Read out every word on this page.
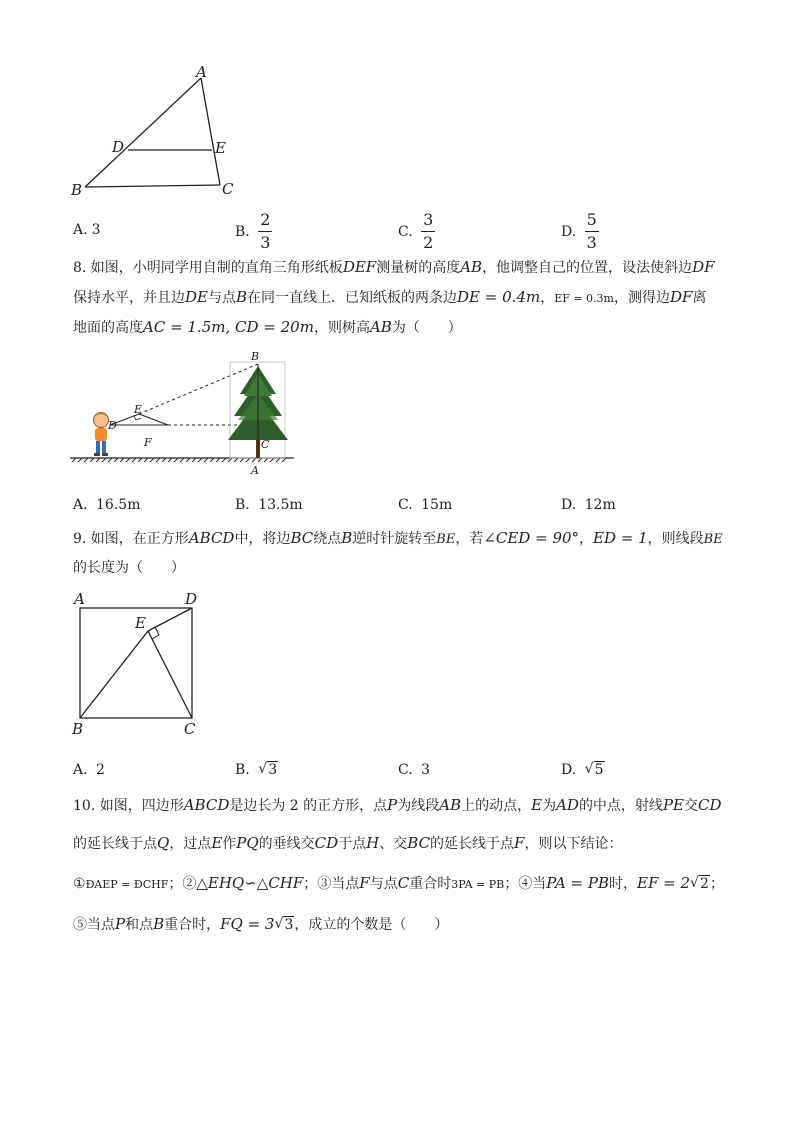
A
B	C
D	E
A. 3	B. $\frac{2}{3}$	C. $\frac{3}{2}$	D. $\frac{5}{3}$
8. 如图，小明同学用自制的直角三角形纸板DEF测量树的高度AB，他调整自己的位置，设法使斜边DF
保持水平，并且边DE与点B在同一直线上．已知纸板的两条边DE = 0.4m，EF = 0.3m，测得边DF离
地面的高度AC = 1.5m, CD = 20m，则树高AB为（　　）
B
D
E
F	C
A
A. 16.5m	B. 13.5m	C. 15m	D. 12m
9. 如图，在正方形ABCD中，将边BC绕点B逆时针旋转至BE，若∠CED = 90°，ED = 1，则线段BE
的长度为（　　）
A	D
E
B	C
A. 2	B. √ 3	C. 3	D. √ 5
10. 如图，四边形ABCD是边长为 2 的正方形，点P为线段AB上的动点，E为AD的中点，射线PE交CD
的延长线于点Q，过点E作PQ的垂线交CD于点H、交BC的延长线于点F，则以下结论：
①ÐAEP = ÐCHF；②△EHQ∽△CHF；③当点F与点C重合时3PA = PB；④当PA = PB时，EF = 2 √ 2；
⑤当点P和点B重合时，FQ = 3 √ 3，成立的个数是（　　）
